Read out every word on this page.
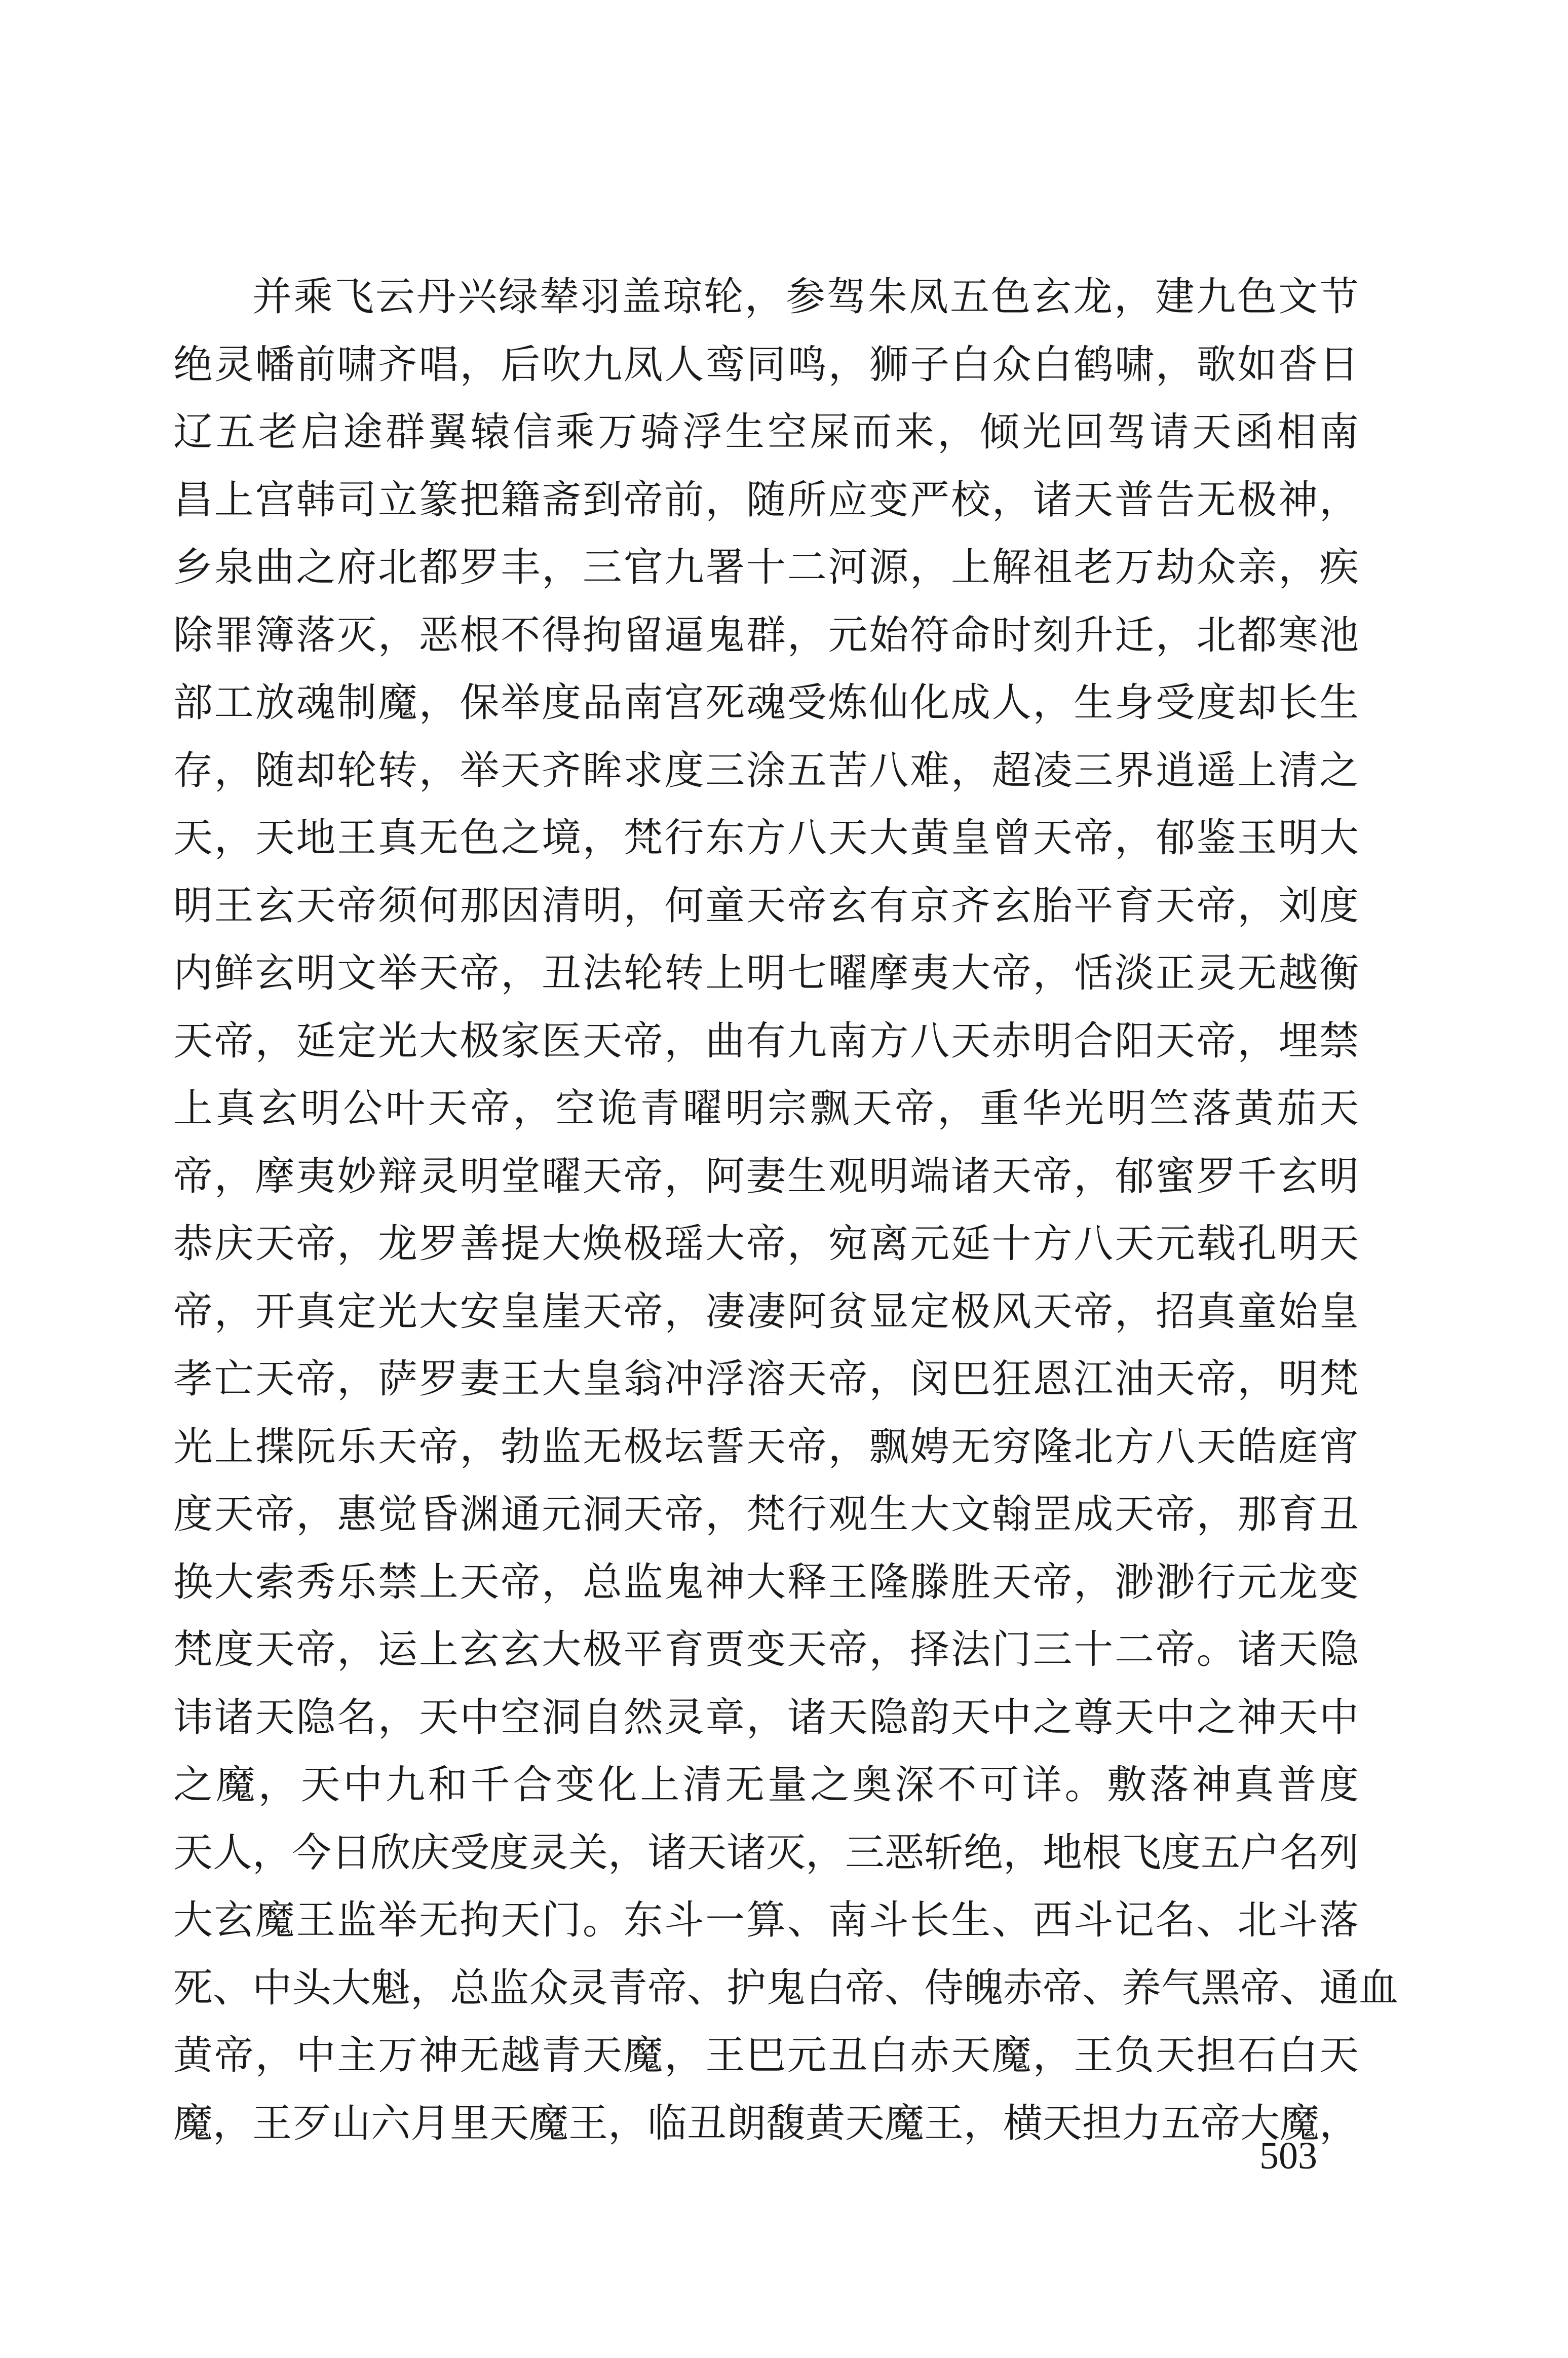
并乘飞云丹兴绿辇羽盖琼轮，参驾朱凤五色玄龙，建九色文节
绝灵幡前啸齐唱，后吹九凤人鸾同鸣，狮子白众白鹤啸，歌如沓日
辽五老启途群翼辕信乘万骑浮生空屎而来，倾光回驾请天函相南
昌上宫韩司立篆把籍斋到帝前，随所应变严校，诸天普告无极神，
乡泉曲之府北都罗丰，三官九署十二河源，上解祖老万劫众亲，疾
除罪簿落灭，恶根不得拘留逼鬼群，元始符命时刻升迁，北都寒池
部工放魂制魔，保举度品南宫死魂受炼仙化成人，生身受度却长生
存，随却轮转，举天齐眸求度三涂五苦八难，超凌三界逍遥上清之
天，天地王真无色之境，梵行东方八天大黄皇曾天帝，郁鉴玉明大
明王玄天帝须何那因清明，何童天帝玄有京齐玄胎平育天帝，刘度
内鲜玄明文举天帝，丑法轮转上明七曜摩夷大帝，恬淡正灵无越衡
天帝，延定光大极家医天帝，曲有九南方八天赤明合阳天帝，埋禁
上真玄明公叶天帝，空诡青曜明宗飘天帝，重华光明竺落黄茄天
帝，摩夷妙辩灵明堂曜天帝，阿妻生观明端诸天帝，郁蜜罗千玄明
恭庆天帝，龙罗善提大焕极瑶大帝，宛离元延十方八天元载孔明天
帝，开真定光大安皇崖天帝，凄凄阿贫显定极风天帝，招真童始皇
孝亡天帝，萨罗妻王大皇翁冲浮溶天帝，闵巴狂恩江油天帝，明梵
光上揲阮乐天帝，勃监无极坛誓天帝，飘娉无穷隆北方八天皓庭宵
度天帝，惠觉昏渊通元洞天帝，梵行观生大文翰罡成天帝，那育丑
换大索秀乐禁上天帝，总监鬼神大释王隆滕胜天帝，渺渺行元龙变
梵度天帝，运上玄玄大极平育贾变天帝，择法门三十二帝。诸天隐
讳诸天隐名，天中空洞自然灵章，诸天隐韵天中之尊天中之神天中
之魔，天中九和千合变化上清无量之奥深不可详。敷落神真普度
天人，今日欣庆受度灵关，诸天诸灭，三恶斩绝，地根飞度五户名列
大玄魔王监举无拘天门。东斗一算、南斗长生、西斗记名、北斗落
死、中头大魁，总监众灵青帝、护鬼白帝、侍魄赤帝、养气黑帝、通血
黄帝，中主万神无越青天魔，王巴元丑白赤天魔，王负天担石白天
魔，王歹山六月里天魔王，临丑朗馥黄天魔王，横天担力五帝大魔，
503
